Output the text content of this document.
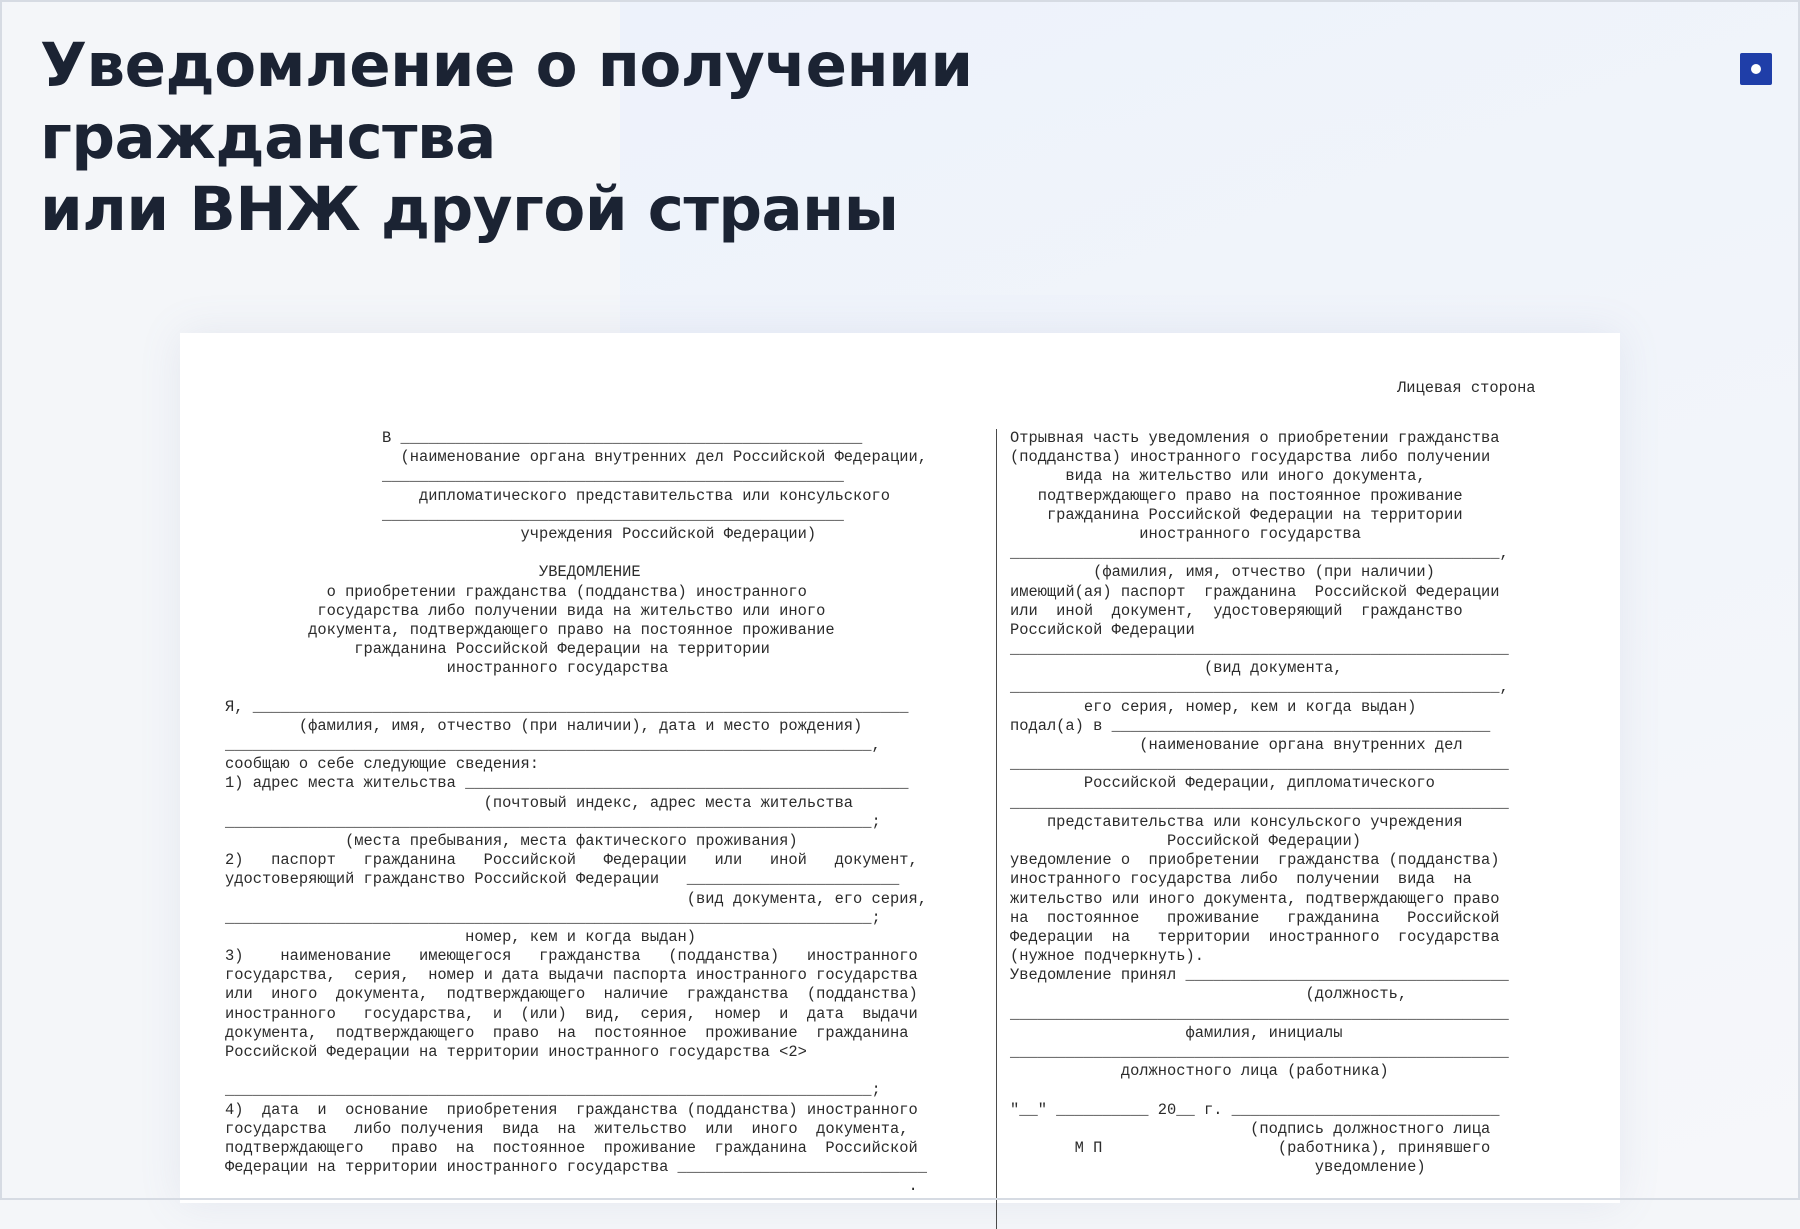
Уведомление о получении гражданства
или ВНЖ другой страны
Лицевая сторона
В __________________________________________________
(наименование органа внутренних дел Российской Федерации,
__________________________________________________
дипломатического представительства или консульского
__________________________________________________
учреждения Российской Федерации)
УВЕДОМЛЕНИЕ
о приобретении гражданства (подданства) иностранного
государства либо получении вида на жительство или иного
документа, подтверждающего право на постоянное проживание
гражданина Российской Федерации на территории
иностранного государства
Я, _______________________________________________________________________
(фамилия, имя, отчество (при наличии), дата и место рождения)
______________________________________________________________________,
сообщаю о себе следующие сведения:
1) адрес места жительства ________________________________________________
(почтовый индекс, адрес места жительства
______________________________________________________________________;
(места пребывания, места фактического проживания)
2)   паспорт   гражданина   Российской   Федерации   или   иной   документ,
удостоверяющий гражданство Российской Федерации   _______________________
(вид документа, его серия,
______________________________________________________________________;
номер, кем и когда выдан)
3)    наименование   имеющегося   гражданства   (подданства)   иностранного
государства,  серия,  номер и дата выдачи паспорта иностранного государства
или  иного  документа,  подтверждающего  наличие  гражданства  (подданства)
иностранного   государства,  и  (или)  вид,  серия,  номер  и  дата  выдачи
документа,  подтверждающего  право  на  постоянное  проживание  гражданина
Российской Федерации на территории иностранного государства <2>
______________________________________________________________________;
4)  дата  и  основание  приобретения  гражданства (подданства) иностранного
государства   либо получения  вида  на  жительство  или  иного  документа,
подтверждающего   право  на  постоянное  проживание  гражданина  Российской
Федерации на территории иностранного государства ___________________________
.
Отрывная часть уведомления о приобретении гражданства
(подданства) иностранного государства либо получении
вида на жительство или иного документа,
подтверждающего право на постоянное проживание
гражданина Российской Федерации на территории
иностранного государства
_____________________________________________________,
(фамилия, имя, отчество (при наличии)
имеющий(ая) паспорт  гражданина  Российской Федерации
или  иной  документ,  удостоверяющий  гражданство
Российской Федерации
______________________________________________________
(вид документа,
_____________________________________________________,
его серия, номер, кем и когда выдан)
подал(а) в _________________________________________
(наименование органа внутренних дел
______________________________________________________
Российской Федерации, дипломатического
______________________________________________________
представительства или консульского учреждения
Российской Федерации)
уведомление о  приобретении  гражданства (подданства)
иностранного государства либо  получении  вида  на
жительство или иного документа, подтверждающего право
на  постоянное   проживание   гражданина   Российской
Федерации  на   территории  иностранного  государства
(нужное подчеркнуть).
Уведомление принял ___________________________________
(должность,
______________________________________________________
фамилия, инициалы
______________________________________________________
должностного лица (работника)
"__" __________ 20__ г. _____________________________
(подпись должностного лица
М П                   (работника), принявшего
уведомление)
